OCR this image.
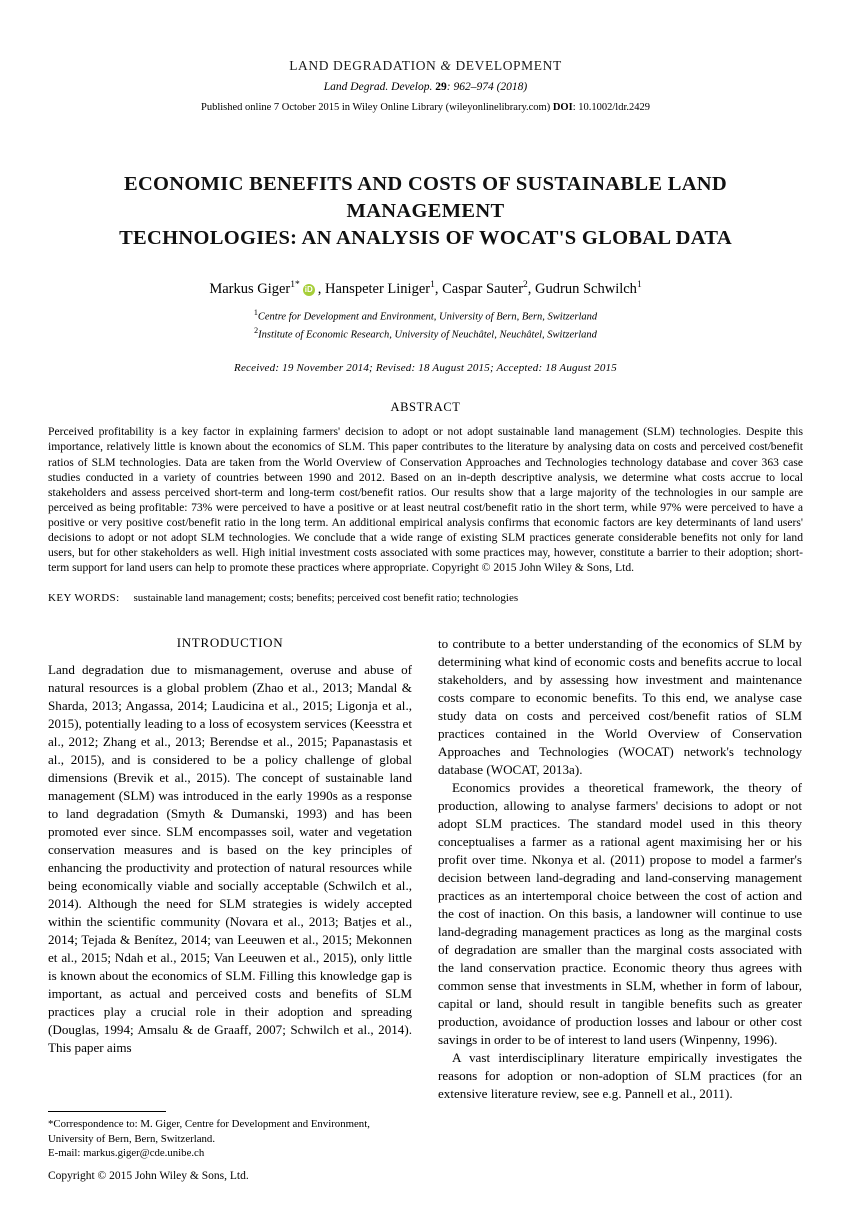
LAND DEGRADATION & DEVELOPMENT
Land Degrad. Develop. 29: 962–974 (2018)
Published online 7 October 2015 in Wiley Online Library (wileyonlinelibrary.com) DOI: 10.1002/ldr.2429
ECONOMIC BENEFITS AND COSTS OF SUSTAINABLE LAND MANAGEMENT
TECHNOLOGIES: AN ANALYSIS OF WOCAT'S GLOBAL DATA
Markus Giger$^{1*}$ iD , Hanspeter Liniger$^1$, Caspar Sauter$^2$, Gudrun Schwilch$^1$
$^1$Centre for Development and Environment, University of Bern, Bern, Switzerland
$^2$Institute of Economic Research, University of Neuchâtel, Neuchâtel, Switzerland
Received: 19 November 2014; Revised: 18 August 2015; Accepted: 18 August 2015
ABSTRACT
Perceived profitability is a key factor in explaining farmers' decision to adopt or not adopt sustainable land management (SLM) technologies. Despite this importance, relatively little is known about the economics of SLM. This paper contributes to the literature by analysing data on costs and perceived cost/benefit ratios of SLM technologies. Data are taken from the World Overview of Conservation Approaches and Technologies technology database and cover 363 case studies conducted in a variety of countries between 1990 and 2012. Based on an in-depth descriptive analysis, we determine what costs accrue to local stakeholders and assess perceived short-term and long-term cost/benefit ratios. Our results show that a large majority of the technologies in our sample are perceived as being profitable: 73% were perceived to have a positive or at least neutral cost/benefit ratio in the short term, while 97% were perceived to have a positive or very positive cost/benefit ratio in the long term. An additional empirical analysis confirms that economic factors are key determinants of land users' decisions to adopt or not adopt SLM technologies. We conclude that a wide range of existing SLM practices generate considerable benefits not only for land users, but for other stakeholders as well. High initial investment costs associated with some practices may, however, constitute a barrier to their adoption; short-term support for land users can help to promote these practices where appropriate. Copyright © 2015 John Wiley & Sons, Ltd.
KEY WORDS: sustainable land management; costs; benefits; perceived cost benefit ratio; technologies
INTRODUCTION

Land degradation due to mismanagement, overuse and abuse of natural resources is a global problem (Zhao et al., 2013; Mandal & Sharda, 2013; Angassa, 2014; Laudicina et al., 2015; Ligonja et al., 2015), potentially leading to a loss of ecosystem services (Keesstra et al., 2012; Zhang et al., 2013; Berendse et al., 2015; Papanastasis et al., 2015), and is considered to be a policy challenge of global dimensions (Brevik et al., 2015). The concept of sustainable land management (SLM) was introduced in the early 1990s as a response to land degradation (Smyth & Dumanski, 1993) and has been promoted ever since. SLM encompasses soil, water and vegetation conservation measures and is based on the key principles of enhancing the productivity and protection of natural resources while being economically viable and socially acceptable (Schwilch et al., 2014). Although the need for SLM strategies is widely accepted within the scientific community (Novara et al., 2013; Batjes et al., 2014; Tejada & Benítez, 2014; van Leeuwen et al., 2015; Mekonnen et al., 2015; Ndah et al., 2015; Van Leeuwen et al., 2015), only little is known about the economics of SLM. Filling this knowledge gap is important, as actual and perceived costs and benefits of SLM practices play a crucial role in their adoption and spreading (Douglas, 1994; Amsalu & de Graaff, 2007; Schwilch et al., 2014). This paper aims

*Correspondence to: M. Giger, Centre for Development and Environment,
University of Bern, Bern, Switzerland.
E-mail: markus.giger@cde.unibe.ch

to contribute to a better understanding of the economics of SLM by determining what kind of economic costs and benefits accrue to local stakeholders, and by assessing how investment and maintenance costs compare to economic benefits. To this end, we analyse case study data on costs and perceived cost/benefit ratios of SLM practices contained in the World Overview of Conservation Approaches and Technologies (WOCAT) network's technology database (WOCAT, 2013a).

Economics provides a theoretical framework, the theory of production, allowing to analyse farmers' decisions to adopt or not adopt SLM practices. The standard model used in this theory conceptualises a farmer as a rational agent maximising her or his profit over time. Nkonya et al. (2011) propose to model a farmer's decision between land-degrading and land-conserving management practices as an intertemporal choice between the cost of action and the cost of inaction. On this basis, a landowner will continue to use land-degrading management practices as long as the marginal costs of degradation are smaller than the marginal costs associated with the land conservation practice. Economic theory thus agrees with common sense that investments in SLM, whether in form of labour, capital or land, should result in tangible benefits such as greater production, avoidance of production losses and labour or other cost savings in order to be of interest to land users (Winpenny, 1996).

A vast interdisciplinary literature empirically investigates the reasons for adoption or non-adoption of SLM practices (for an extensive literature review, see e.g. Pannell et al., 2011).

Copyright © 2015 John Wiley & Sons, Ltd.
